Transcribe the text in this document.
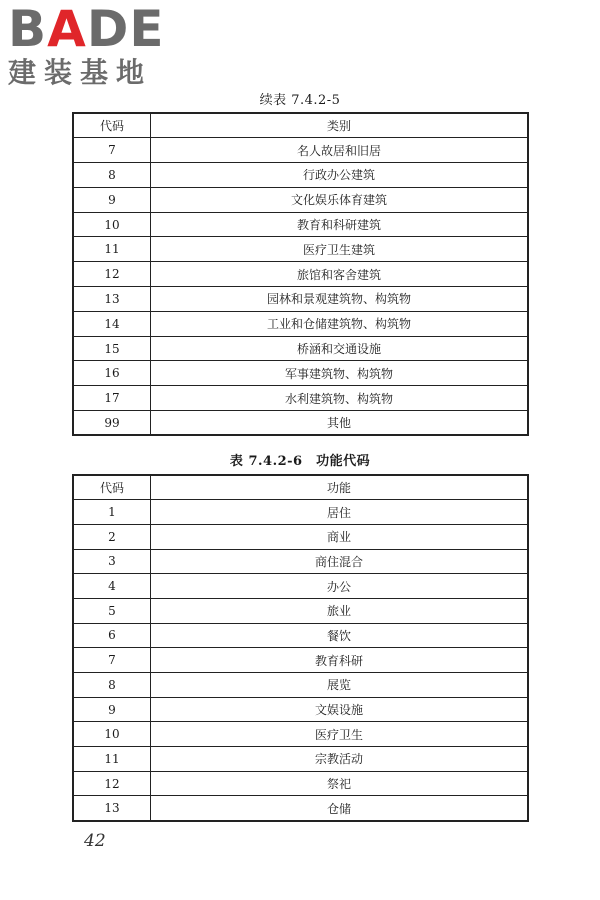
BADE
建装基地
续表 7.4.2-5
代码	类别
7	名人故居和旧居
8	行政办公建筑
9	文化娱乐体育建筑
10	教育和科研建筑
11	医疗卫生建筑
12	旅馆和客舍建筑
13	园林和景观建筑物、构筑物
14	工业和仓储建筑物、构筑物
15	桥涵和交通设施
16	军事建筑物、构筑物
17	水利建筑物、构筑物
99	其他
表 7.4.2-6　功能代码
代码	功能
1	居住
2	商业
3	商住混合
4	办公
5	旅业
6	餐饮
7	教育科研
8	展览
9	文娱设施
10	医疗卫生
11	宗教活动
12	祭祀
13	仓储
42
